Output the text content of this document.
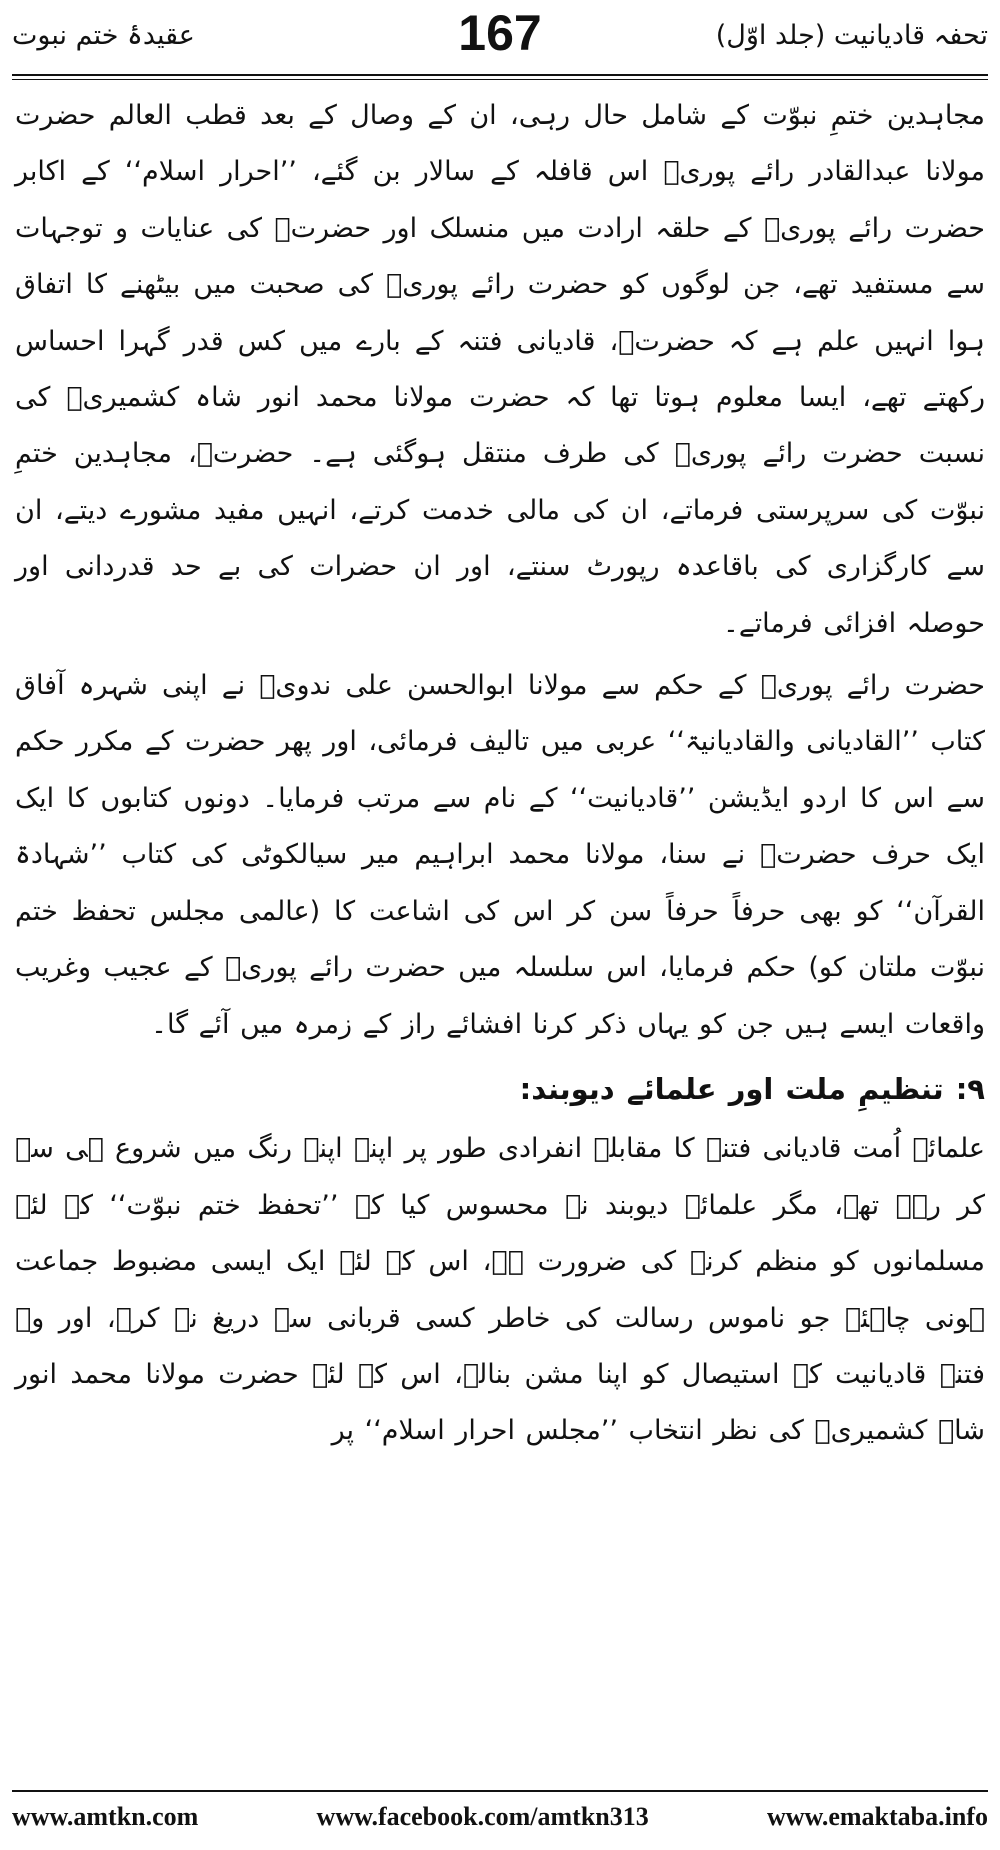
عقیدۂ ختم نبوت	167	تحفہ قادیانیت (جلد اوّل)

مجاہدین ختمِ نبوّت کے شامل حال رہی، ان کے وصال کے بعد قطب العالم حضرت مولانا عبدالقادر رائے پوریؒ اس قافلہ کے سالار بن گئے، ’’احرار اسلام‘‘ کے اکابر حضرت رائے پوریؒ کے حلقہ ارادت میں منسلک اور حضرتؒ کی عنایات و توجہات سے مستفید تھے، جن لوگوں کو حضرت رائے پوریؒ کی صحبت میں بیٹھنے کا اتفاق ہوا انہیں علم ہے کہ حضرتؒ، قادیانی فتنہ کے بارے میں کس قدر گہرا احساس رکھتے تھے، ایسا معلوم ہوتا تھا کہ حضرت مولانا محمد انور شاہ کشمیریؒ کی نسبت حضرت رائے پوریؒ کی طرف منتقل ہوگئی ہے۔ حضرتؒ، مجاہدین ختمِ نبوّت کی سرپرستی فرماتے، ان کی مالی خدمت کرتے، انہیں مفید مشورے دیتے، ان سے کارگزاری کی باقاعدہ رپورٹ سنتے، اور ان حضرات کی بے حد قدردانی اور حوصلہ افزائی فرماتے۔

حضرت رائے پوریؒ کے حکم سے مولانا ابوالحسن علی ندویؒ نے اپنی شہرہ آفاق کتاب ’’القادیانی والقادیانیۃ‘‘ عربی میں تالیف فرمائی، اور پھر حضرت کے مکرر حکم سے اس کا اردو ایڈیشن ’’قادیانیت‘‘ کے نام سے مرتب فرمایا۔ دونوں کتابوں کا ایک ایک حرف حضرتؒ نے سنا، مولانا محمد ابراہیم میر سیالکوٹی کی کتاب ’’شہادۃ القرآن‘‘ کو بھی حرفاً حرفاً سن کر اس کی اشاعت کا (عالمی مجلس تحفظ ختم نبوّت ملتان کو) حکم فرمایا، اس سلسلہ میں حضرت رائے پوریؒ کے عجیب وغریب واقعات ایسے ہیں جن کو یہاں ذکر کرنا افشائے راز کے زمرہ میں آئے گا۔

۹: تنظیمِ ملت اور علمائے دیوبند:

علمائے اُمت قادیانی فتنہ کا مقابلہ انفرادی طور پر اپنے اپنے رنگ میں شروع ہی سے کر رہے تھے، مگر علمائے دیوبند نے محسوس کیا کہ ’’تحفظ ختم نبوّت‘‘ کے لئے مسلمانوں کو منظم کرنے کی ضرورت ہے، اس کے لئے ایک ایسی مضبوط جماعت ہونی چاہئے جو ناموس رسالت کی خاطر کسی قربانی سے دریغ نہ کرے، اور وہ فتنہ قادیانیت کے استیصال کو اپنا مشن بنالے، اس کے لئے حضرت مولانا محمد انور شاہ کشمیریؒ کی نظر انتخاب ’’مجلس احرار اسلام‘‘ پر

www.amtkn.com	www.facebook.com/amtkn313	www.emaktaba.info
